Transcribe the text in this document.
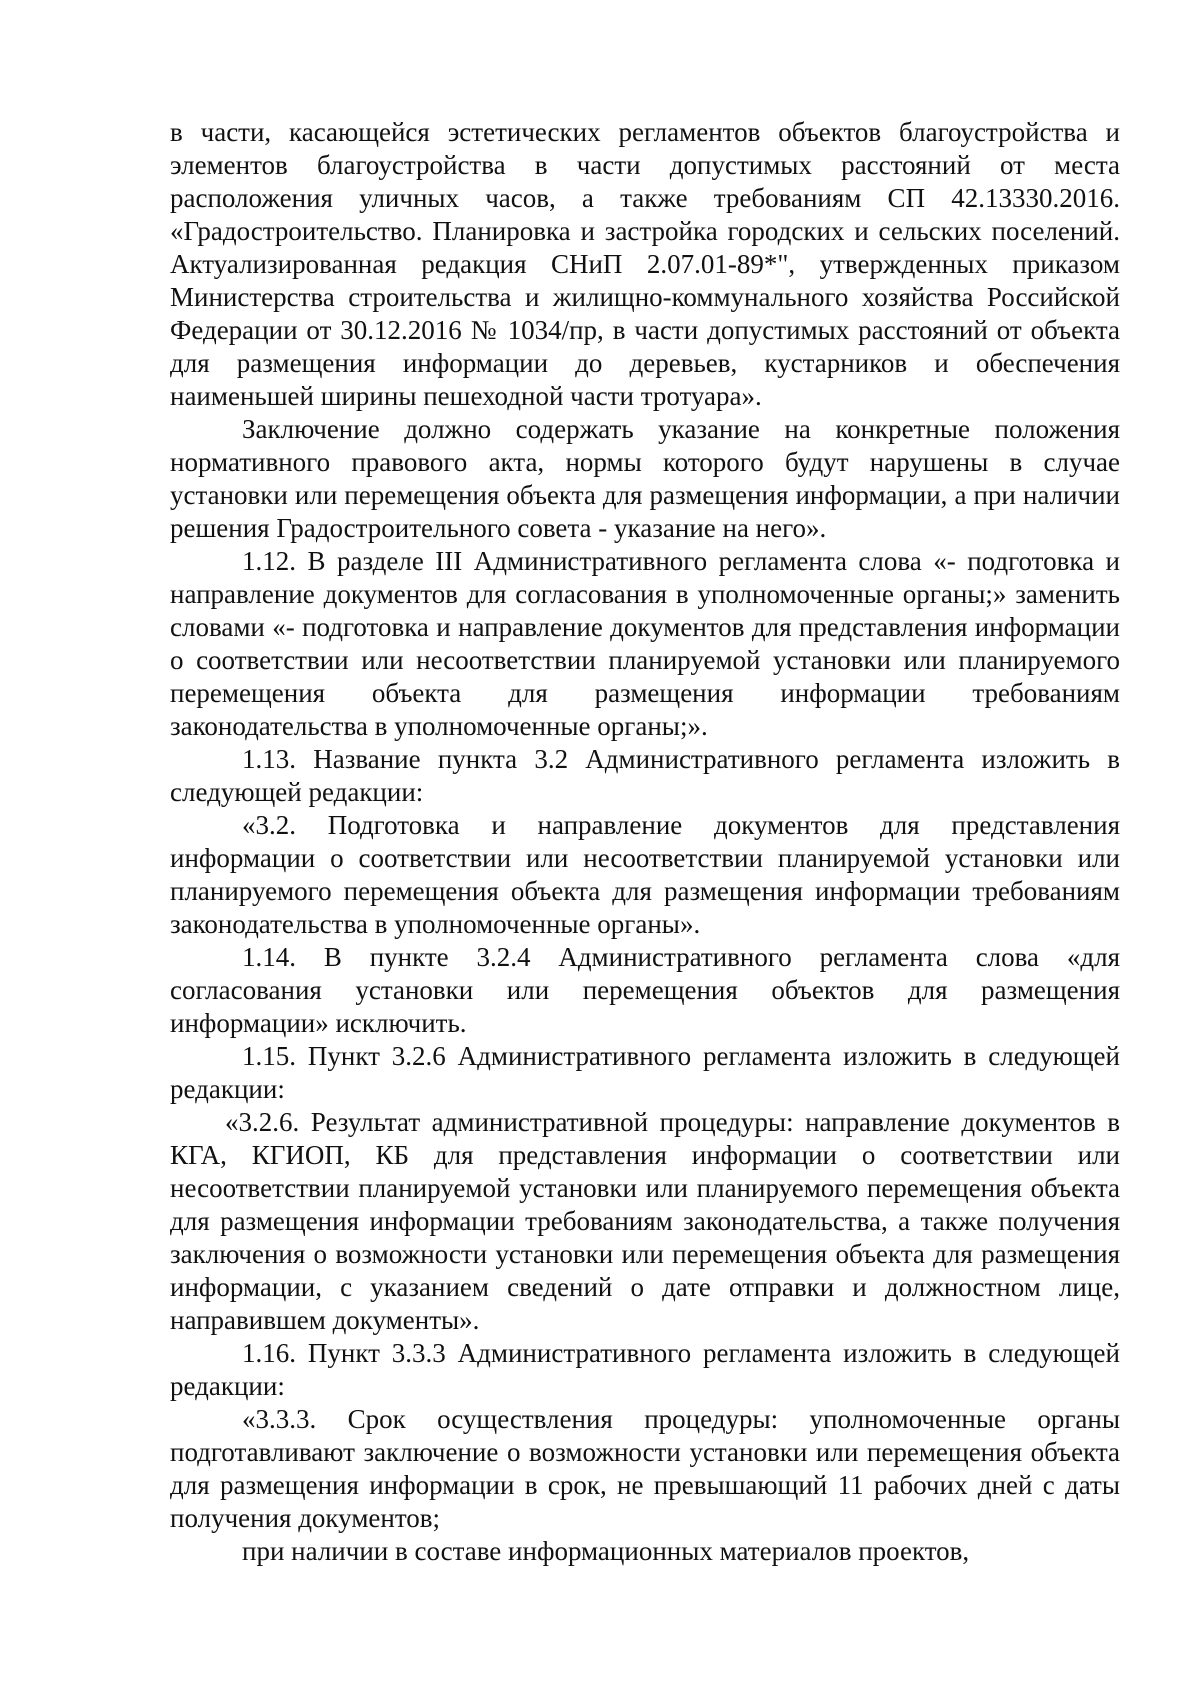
в части, касающейся эстетических регламентов объектов благоустройства и элементов благоустройства в части допустимых расстояний от места расположения уличных часов, а также требованиям СП 42.13330.2016. «Градостроительство. Планировка и застройка городских и сельских поселений. Актуализированная редакция СНиП 2.07.01-89*", утвержденных приказом Министерства строительства и жилищно-коммунального хозяйства Российской Федерации от 30.12.2016 № 1034/пр, в части допустимых расстояний от объекта для размещения информации до деревьев, кустарников и обеспечения наименьшей ширины пешеходной части тротуара».

Заключение должно содержать указание на конкретные положения нормативного правового акта, нормы которого будут нарушены в случае установки или перемещения объекта для размещения информации, а при наличии решения Градостроительного совета - указание на него».

1.12. В разделе III Административного регламента слова «- подготовка и направление документов для согласования в уполномоченные органы;» заменить словами «- подготовка и направление документов для представления информации о соответствии или несоответствии планируемой установки или планируемого перемещения объекта для размещения информации требованиям законодательства в уполномоченные органы;».

1.13. Название пункта 3.2 Административного регламента изложить в следующей редакции:

«3.2. Подготовка и направление документов для представления информации о соответствии или несоответствии планируемой установки или планируемого перемещения объекта для размещения информации требованиям законодательства в уполномоченные органы».

1.14. В пункте 3.2.4 Административного регламента слова «для согласования установки или перемещения объектов для размещения информации» исключить.

1.15. Пункт 3.2.6 Административного регламента изложить в следующей редакции:

«3.2.6. Результат административной процедуры: направление документов в КГА, КГИОП, КБ для представления информации о соответствии или несоответствии планируемой установки или планируемого перемещения объекта для размещения информации требованиям законодательства, а также получения заключения о возможности установки или перемещения объекта для размещения информации, с указанием сведений о дате отправки и должностном лице, направившем документы».

1.16. Пункт 3.3.3 Административного регламента изложить в следующей редакции:

«3.3.3. Срок осуществления процедуры: уполномоченные органы подготавливают заключение о возможности установки или перемещения объекта для размещения информации в срок, не превышающий 11 рабочих дней с даты получения документов;

при наличии в составе информационных материалов проектов,
